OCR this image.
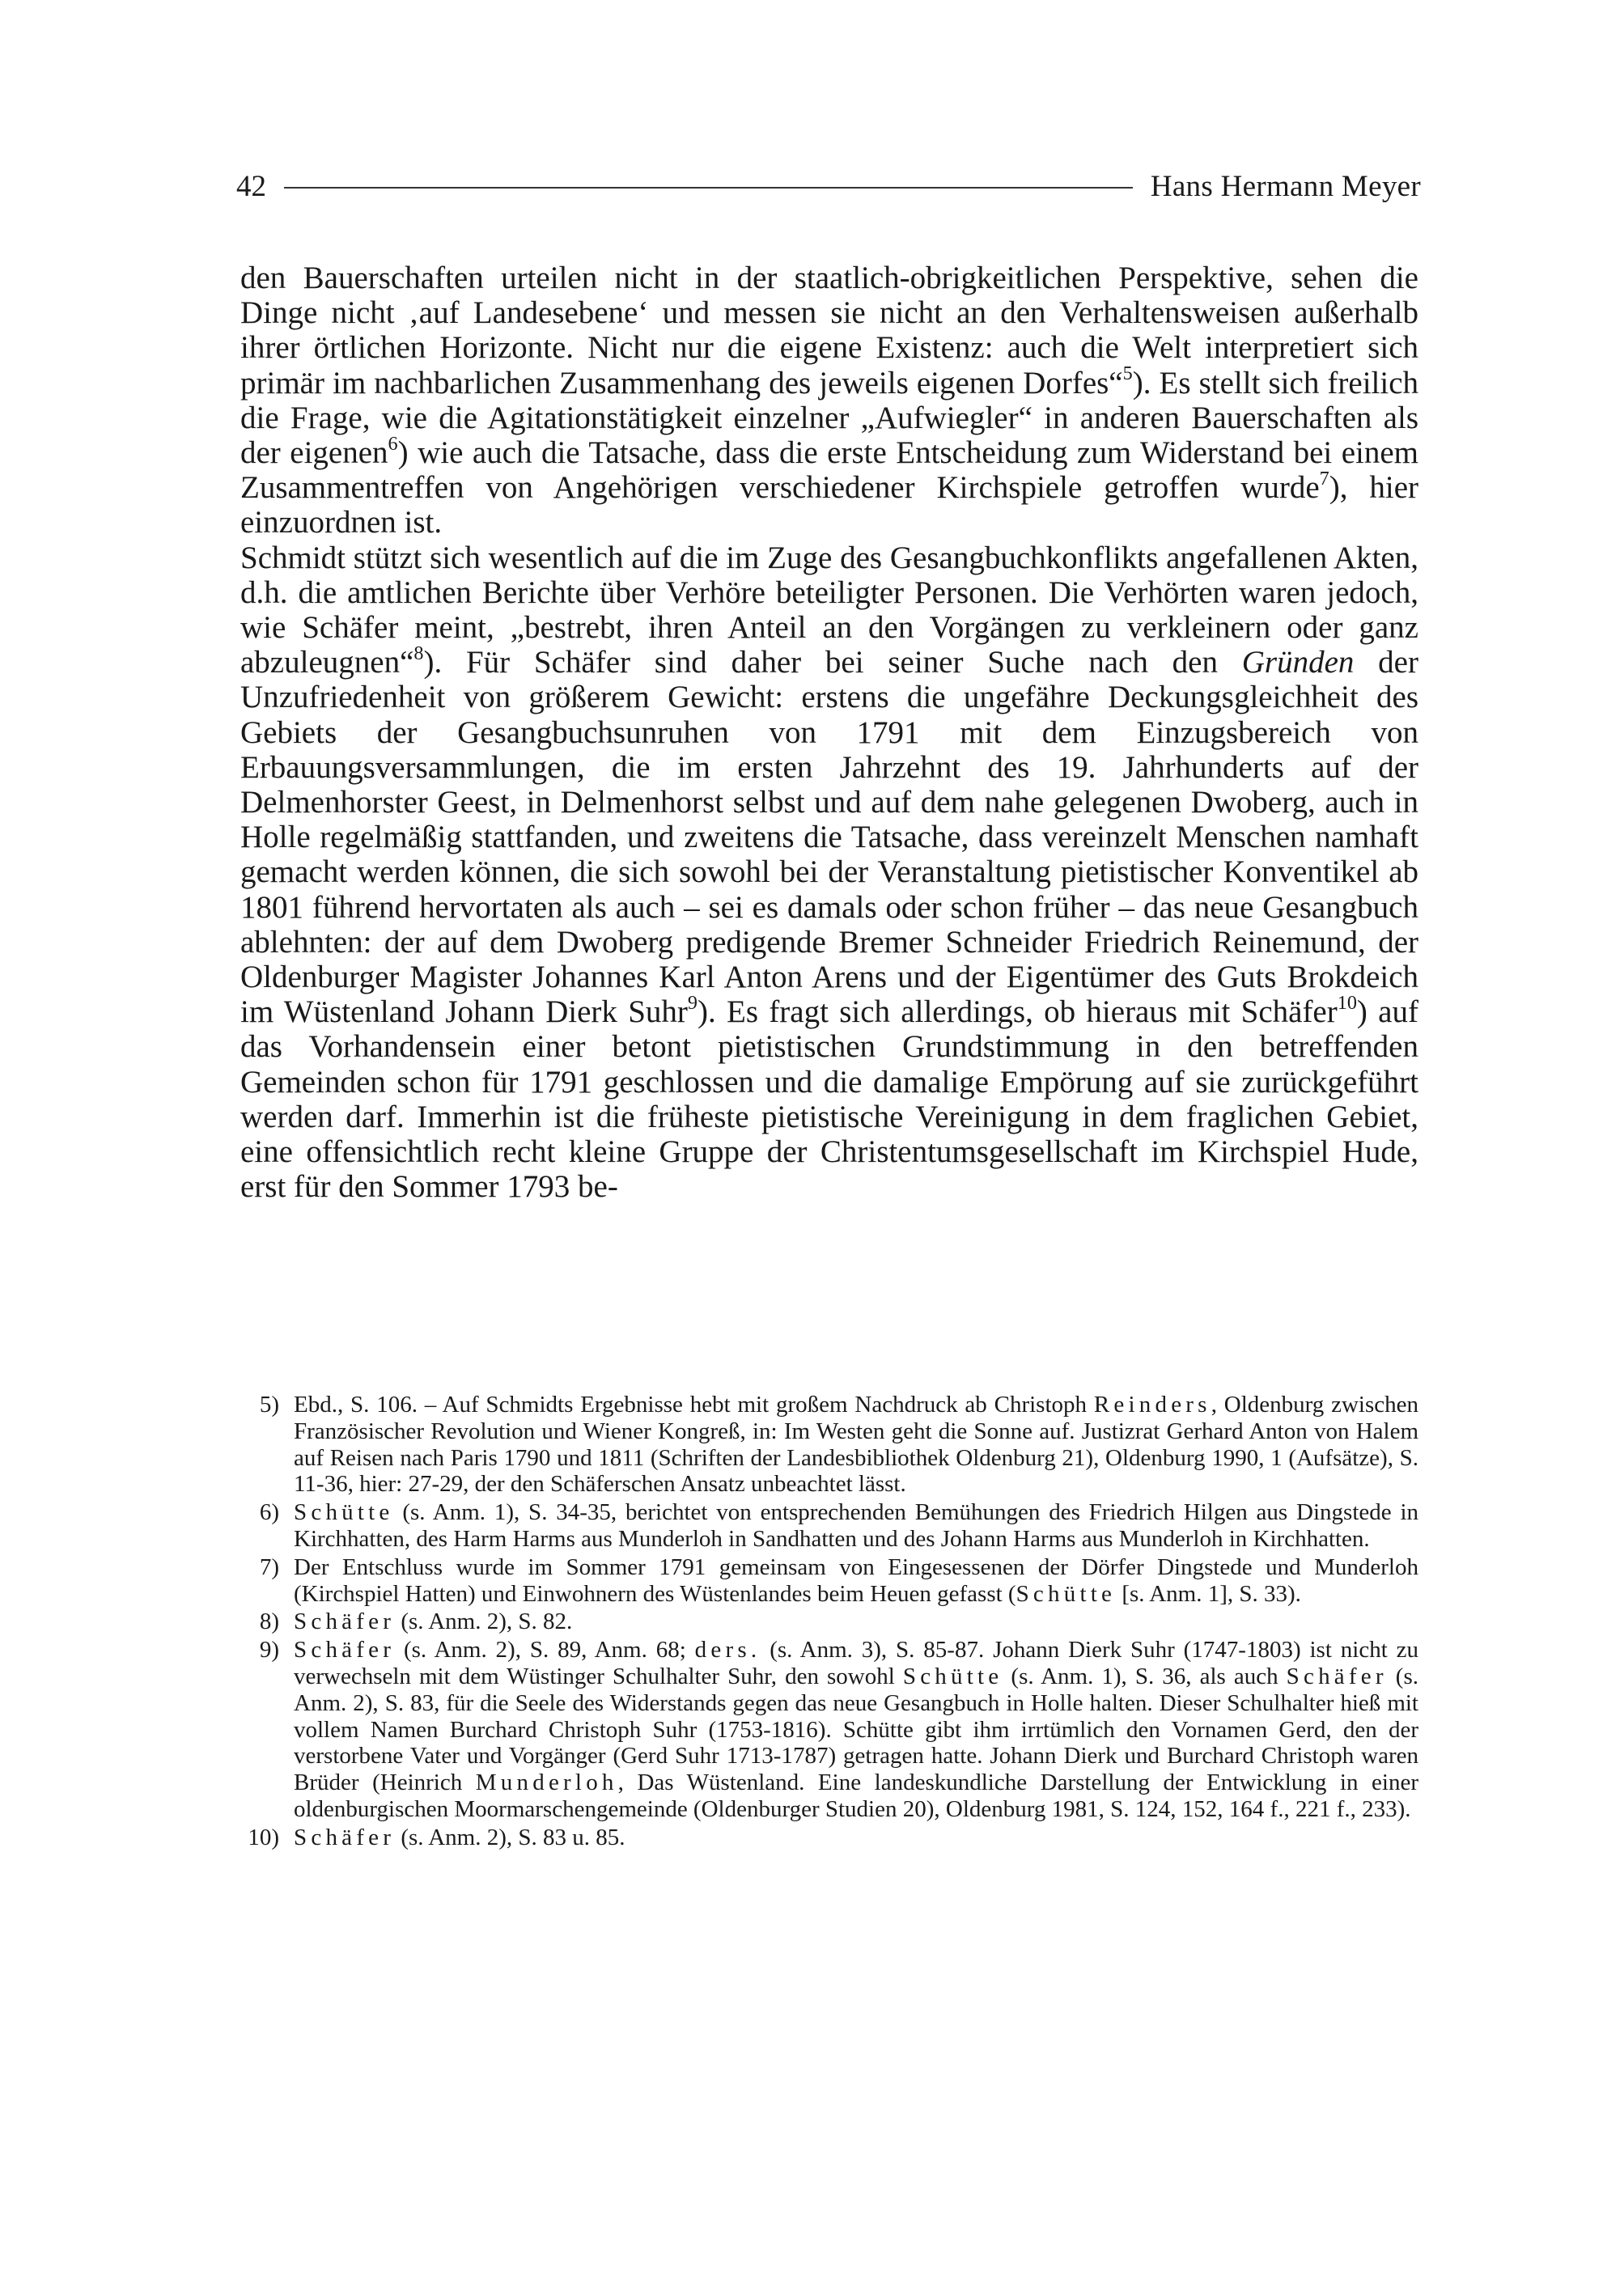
42	Hans Hermann Meyer

den Bauerschaften urteilen nicht in der staatlich-obrigkeitlichen Perspektive, sehen die Dinge nicht ‚auf Landesebene‘ und messen sie nicht an den Verhaltensweisen außerhalb ihrer örtlichen Horizonte. Nicht nur die eigene Existenz: auch die Welt interpretiert sich primär im nachbarlichen Zusammenhang des jeweils eigenen Dorfes“$^5$). Es stellt sich freilich die Frage, wie die Agitationstätigkeit einzelner „Aufwiegler“ in anderen Bauerschaften als der eigenen$^6$) wie auch die Tatsache, dass die erste Entscheidung zum Widerstand bei einem Zusammentreffen von Angehörigen verschiedener Kirchspiele getroffen wurde$^7$), hier einzuordnen ist.

Schmidt stützt sich wesentlich auf die im Zuge des Gesangbuchkonflikts angefallenen Akten, d.h. die amtlichen Berichte über Verhöre beteiligter Personen. Die Verhörten waren jedoch, wie Schäfer meint, „bestrebt, ihren Anteil an den Vorgängen zu verkleinern oder ganz abzuleugnen“$^8$). Für Schäfer sind daher bei seiner Suche nach den Gründen der Unzufriedenheit von größerem Gewicht: erstens die ungefähre Deckungsgleichheit des Gebiets der Gesangbuchsunruhen von 1791 mit dem Einzugsbereich von Erbauungsversammlungen, die im ersten Jahrzehnt des 19. Jahrhunderts auf der Delmenhorster Geest, in Delmenhorst selbst und auf dem nahe gelegenen Dwoberg, auch in Holle regelmäßig stattfanden, und zweitens die Tatsache, dass vereinzelt Menschen namhaft gemacht werden können, die sich sowohl bei der Veranstaltung pietistischer Konventikel ab 1801 führend hervortaten als auch – sei es damals oder schon früher – das neue Gesangbuch ablehnten: der auf dem Dwoberg predigende Bremer Schneider Friedrich Reinemund, der Oldenburger Magister Johannes Karl Anton Arens und der Eigentümer des Guts Brokdeich im Wüstenland Johann Dierk Suhr$^9$). Es fragt sich allerdings, ob hieraus mit Schäfer$^{10}$) auf das Vorhandensein einer betont pietistischen Grundstimmung in den betreffenden Gemeinden schon für 1791 geschlossen und die damalige Empörung auf sie zurückgeführt werden darf. Immerhin ist die früheste pietistische Vereinigung in dem fraglichen Gebiet, eine offensichtlich recht kleine Gruppe der Christentumsgesellschaft im Kirchspiel Hude, erst für den Sommer 1793 be-

5) Ebd., S. 106. – Auf Schmidts Ergebnisse hebt mit großem Nachdruck ab Christoph Reinders, Oldenburg zwischen Französischer Revolution und Wiener Kongreß, in: Im Westen geht die Sonne auf. Justizrat Gerhard Anton von Halem auf Reisen nach Paris 1790 und 1811 (Schriften der Landesbibliothek Oldenburg 21), Oldenburg 1990, 1 (Aufsätze), S. 11-36, hier: 27-29, der den Schäferschen Ansatz unbeachtet lässt.
6) Schütte (s. Anm. 1), S. 34-35, berichtet von entsprechenden Bemühungen des Friedrich Hilgen aus Dingstede in Kirchhatten, des Harm Harms aus Munderloh in Sandhatten und des Johann Harms aus Munderloh in Kirchhatten.
7) Der Entschluss wurde im Sommer 1791 gemeinsam von Eingesessenen der Dörfer Dingstede und Munderloh (Kirchspiel Hatten) und Einwohnern des Wüstenlandes beim Heuen gefasst (Schütte [s. Anm. 1], S. 33).
8) Schäfer (s. Anm. 2), S. 82.
9) Schäfer (s. Anm. 2), S. 89, Anm. 68; ders. (s. Anm. 3), S. 85-87. Johann Dierk Suhr (1747-1803) ist nicht zu verwechseln mit dem Wüstinger Schulhalter Suhr, den sowohl Schütte (s. Anm. 1), S. 36, als auch Schäfer (s. Anm. 2), S. 83, für die Seele des Widerstands gegen das neue Gesangbuch in Holle halten. Dieser Schulhalter hieß mit vollem Namen Burchard Christoph Suhr (1753-1816). Schütte gibt ihm irrtümlich den Vornamen Gerd, den der verstorbene Vater und Vorgänger (Gerd Suhr 1713-1787) getragen hatte. Johann Dierk und Burchard Christoph waren Brüder (Heinrich Munderloh, Das Wüstenland. Eine landeskundliche Darstellung der Entwicklung in einer oldenburgischen Moormarschengemeinde (Oldenburger Studien 20), Oldenburg 1981, S. 124, 152, 164 f., 221 f., 233).
10) Schäfer (s. Anm. 2), S. 83 u. 85.
